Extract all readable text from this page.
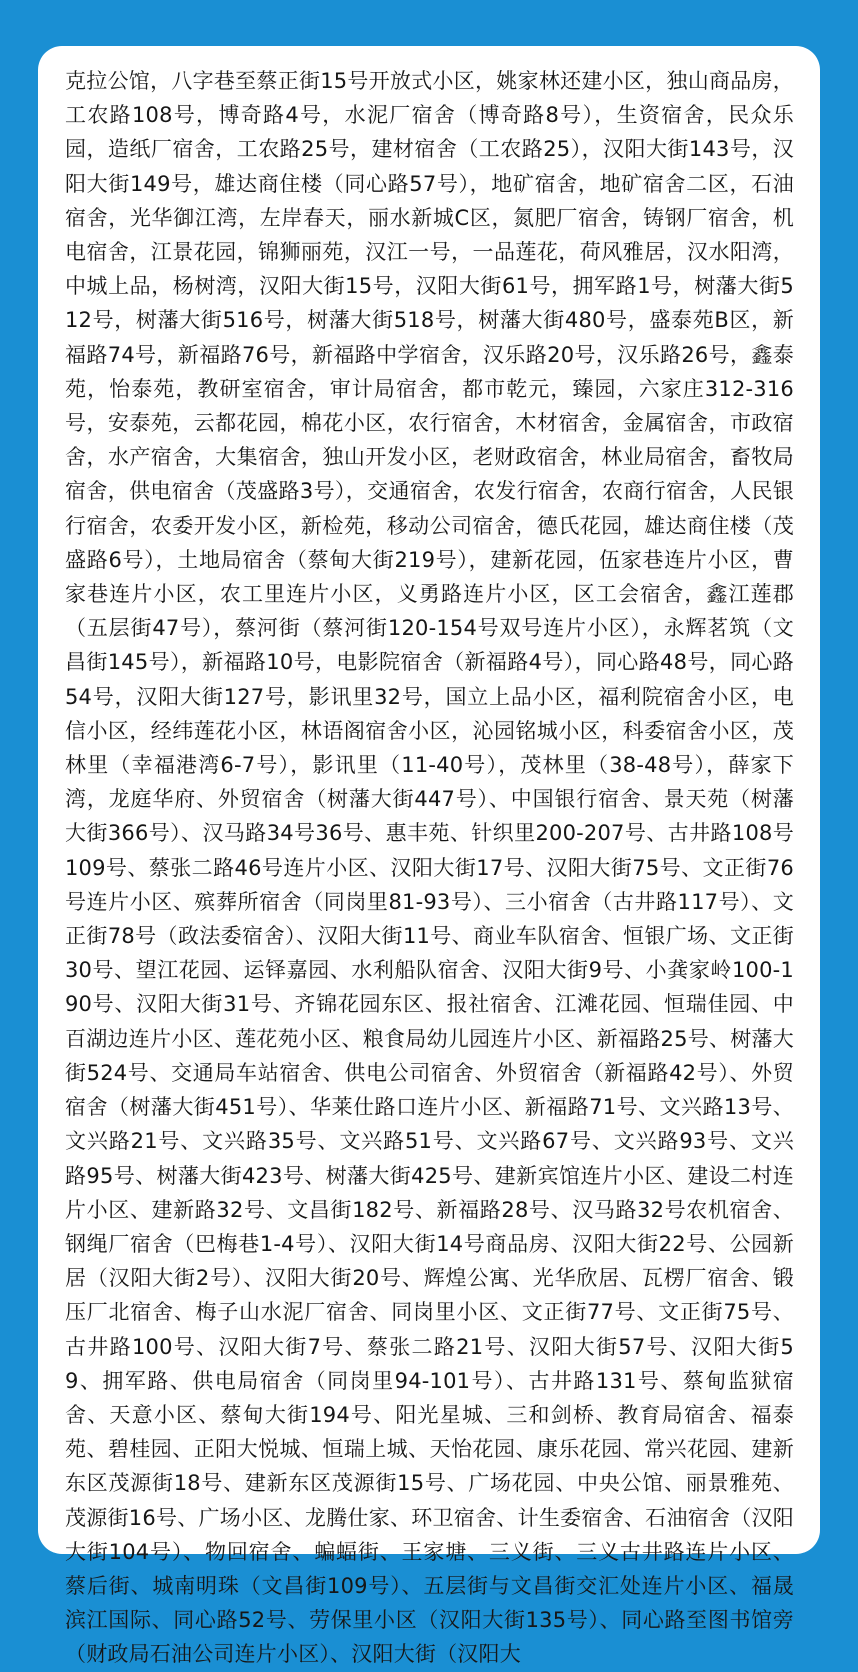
克拉公馆，八字巷至蔡正街15号开放式小区，姚家林还建小区，独山商品房，工农路108号，博奇路4号，水泥厂宿舍（博奇路8号），生资宿舍，民众乐园，造纸厂宿舍，工农路25号，建材宿舍（工农路25），汉阳大街143号，汉阳大街149号，雄达商住楼（同心路57号），地矿宿舍，地矿宿舍二区，石油宿舍，光华御江湾，左岸春天，丽水新城C区，氮肥厂宿舍，铸钢厂宿舍，机电宿舍，江景花园，锦狮丽苑，汉江一号，一品莲花，荷风雅居，汉水阳湾，中城上品，杨树湾，汉阳大街15号，汉阳大街61号，拥军路1号，树藩大街512号，树藩大街516号，树藩大街518号，树藩大街480号，盛泰苑B区，新福路74号，新福路76号，新福路中学宿舍，汉乐路20号，汉乐路26号，鑫泰苑，怡泰苑，教研室宿舍，审计局宿舍，都市乾元，臻园，六家庄312-316号，安泰苑，云都花园，棉花小区，农行宿舍，木材宿舍，金属宿舍，市政宿舍，水产宿舍，大集宿舍，独山开发小区，老财政宿舍，林业局宿舍，畜牧局宿舍，供电宿舍（茂盛路3号），交通宿舍，农发行宿舍，农商行宿舍，人民银行宿舍，农委开发小区，新检苑，移动公司宿舍，德氏花园，雄达商住楼（茂盛路6号），土地局宿舍（蔡甸大街219号），建新花园，伍家巷连片小区，曹家巷连片小区，农工里连片小区，义勇路连片小区，区工会宿舍，鑫江莲郡（五层街47号），蔡河街（蔡河街120-154号双号连片小区），永辉茗筑（文昌街145号），新福路10号，电影院宿舍（新福路4号），同心路48号，同心路54号，汉阳大街127号，影讯里32号，国立上品小区，福利院宿舍小区，电信小区，经纬莲花小区，林语阁宿舍小区，沁园铭城小区，科委宿舍小区，茂林里（幸福港湾6-7号），影讯里（11-40号），茂林里（38-48号），薛家下湾，龙庭华府、外贸宿舍（树藩大街447号）、中国银行宿舍、景天苑（树藩大街366号）、汉马路34号36号、惠丰苑、针织里200-207号、古井路108号109号、蔡张二路46号连片小区、汉阳大街17号、汉阳大街75号、文正街76号连片小区、殡葬所宿舍（同岗里81-93号）、三小宿舍（古井路117号）、文正街78号（政法委宿舍）、汉阳大街11号、商业车队宿舍、恒银广场、文正街30号、望江花园、运铎嘉园、水利船队宿舍、汉阳大街9号、小龚家岭100-190号、汉阳大街31号、齐锦花园东区、报社宿舍、江滩花园、恒瑞佳园、中百湖边连片小区、莲花苑小区、粮食局幼儿园连片小区、新福路25号、树藩大街524号、交通局车站宿舍、供电公司宿舍、外贸宿舍（新福路42号）、外贸宿舍（树藩大街451号）、华莱仕路口连片小区、新福路71号、文兴路13号、文兴路21号、文兴路35号、文兴路51号、文兴路67号、文兴路93号、文兴路95号、树藩大街423号、树藩大街425号、建新宾馆连片小区、建设二村连片小区、建新路32号、文昌街182号、新福路28号、汉马路32号农机宿舍、钢绳厂宿舍（巴梅巷1-4号）、汉阳大街14号商品房、汉阳大街22号、公园新居（汉阳大街2号）、汉阳大街20号、辉煌公寓、光华欣居、瓦楞厂宿舍、锻压厂北宿舍、梅子山水泥厂宿舍、同岗里小区、文正街77号、文正街75号、古井路100号、汉阳大街7号、蔡张二路21号、汉阳大街57号、汉阳大街59、拥军路、供电局宿舍（同岗里94-101号）、古井路131号、蔡甸监狱宿舍、天意小区、蔡甸大街194号、阳光星城、三和剑桥、教育局宿舍、福泰苑、碧桂园、正阳大悦城、恒瑞上城、天怡花园、康乐花园、常兴花园、建新东区茂源街18号、建新东区茂源街15号、广场花园、中央公馆、丽景雅苑、茂源街16号、广场小区、龙腾仕家、环卫宿舍、计生委宿舍、石油宿舍（汉阳大街104号）、物回宿舍、蝙蝠街、王家塘、三义街、三义古井路连片小区、蔡后街、城南明珠（文昌街109号）、五层街与文昌街交汇处连片小区、福晟滨江国际、同心路52号、劳保里小区（汉阳大街135号）、同心路至图书馆旁（财政局石油公司连片小区）、汉阳大街（汉阳大
